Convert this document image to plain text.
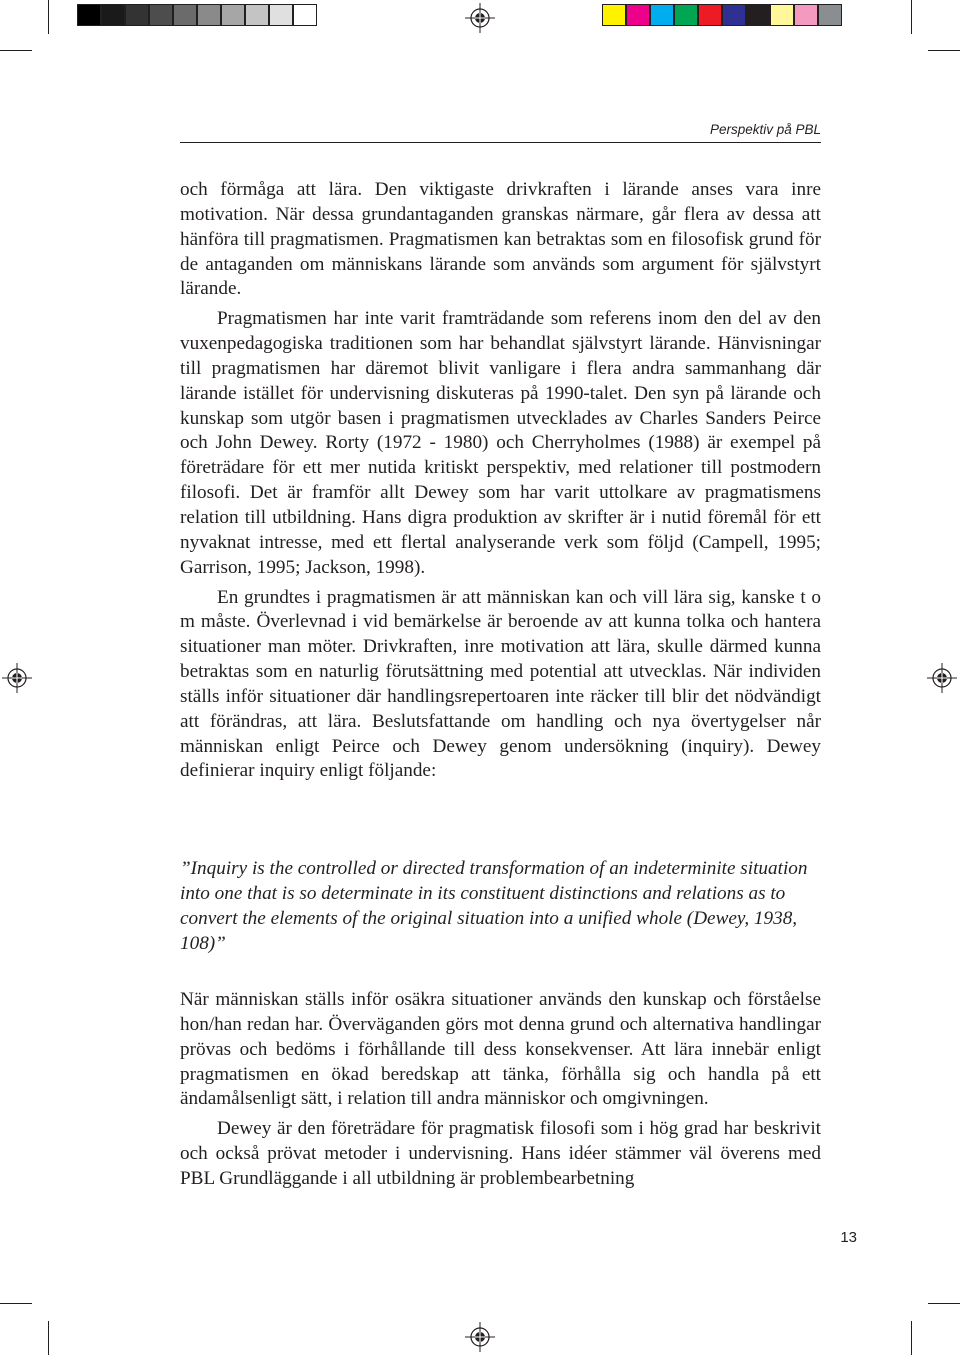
Perspektiv på PBL

och förmåga att lära. Den viktigaste drivkraften i lärande anses vara inre motivation. När dessa grundantaganden granskas närmare, går flera av dessa att hänföra till pragmatismen. Pragmatismen kan betraktas som en filosofisk grund för de antaganden om människans lärande som används som argument för självstyrt lärande.

Pragmatismen har inte varit framträdande som referens inom den del av den vuxenpedagogiska traditionen som har behandlat självstyrt lärande. Hänvisningar till pragmatismen har däremot blivit vanligare i flera andra sammanhang där lärande istället för undervisning diskuteras på 1990-talet. Den syn på lärande och kunskap som utgör basen i pragmatismen utvecklades av Charles Sanders Peirce och John Dewey. Rorty (1972 - 1980) och Cherryholmes (1988) är exempel på företrädare för ett mer nutida kritiskt perspektiv, med relationer till postmodern filosofi. Det är framför allt Dewey som har varit uttolkare av pragmatismens relation till utbildning. Hans digra produktion av skrifter är i nutid föremål för ett nyvaknat intresse, med ett flertal analyserande verk som följd (Campell, 1995; Garrison, 1995; Jackson, 1998).

En grundtes i pragmatismen är att människan kan och vill lära sig, kanske t o m måste. Överlevnad i vid bemärkelse är beroende av att kunna tolka och hantera situationer man möter. Drivkraften, inre motivation att lära, skulle därmed kunna betraktas som en naturlig förutsättning med potential att utvecklas. När individen ställs inför situationer där handlingsrepertoaren inte räcker till blir det nödvändigt att förändras, att lära. Beslutsfattande om handling och nya övertygelser når människan enligt Peirce och Dewey genom undersökning (inquiry). Dewey definierar inquiry enligt följande:

”Inquiry is the controlled or directed transformation of an indeterminite situation into one that is so determinate in its constituent distinctions and relations as to convert the elements of the original situation into a unified whole (Dewey, 1938, 108)”

När människan ställs inför osäkra situationer används den kunskap och förståelse hon/han redan har. Överväganden görs mot denna grund och alternativa handlingar prövas och bedöms i förhållande till dess konsekvenser. Att lära innebär enligt pragmatismen en ökad beredskap att tänka, förhålla sig och handla på ett ändamålsenligt sätt, i relation till andra människor och omgivningen.

Dewey är den företrädare för pragmatisk filosofi som i hög grad har beskrivit och också prövat metoder i undervisning. Hans idéer stämmer väl överens med PBL Grundläggande i all utbildning är problembearbetning

13
